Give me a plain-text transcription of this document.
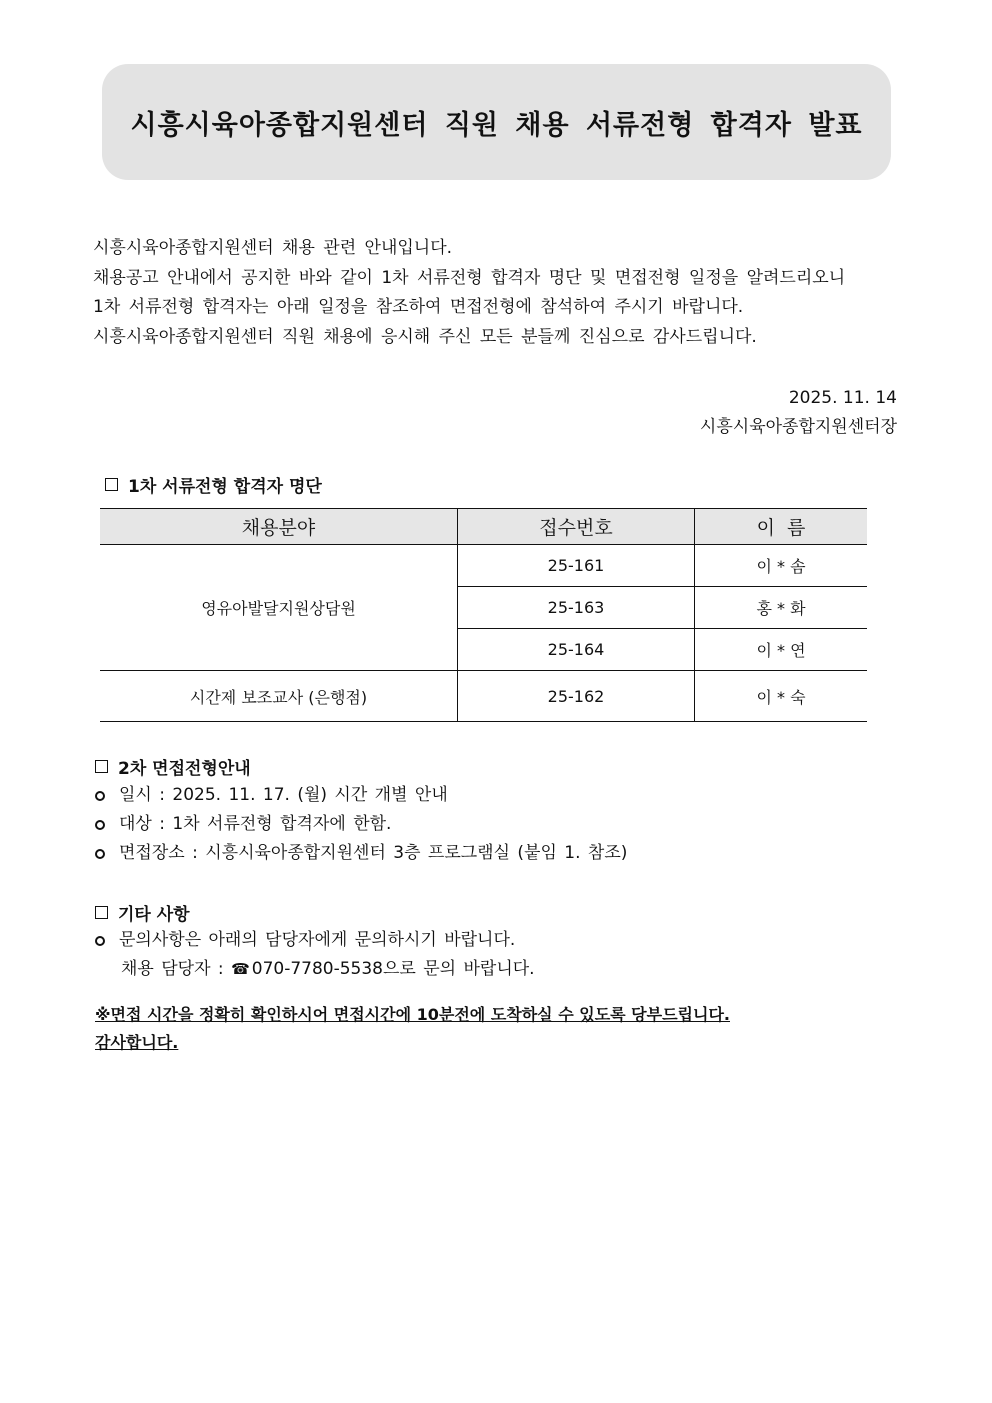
시흥시육아종합지원센터 직원 채용 서류전형 합격자 발표
시흥시육아종합지원센터 채용 관련 안내입니다.
채용공고 안내에서 공지한 바와 같이 1차 서류전형 합격자 명단 및 면접전형 일정을 알려드리오니
1차 서류전형 합격자는 아래 일정을 참조하여 면접전형에 참석하여 주시기 바랍니다.
시흥시육아종합지원센터 직원 채용에 응시해 주신 모든 분들께 진심으로 감사드립니다.
2025. 11. 14
시흥시육아종합지원센터장
1차 서류전형 합격자 명단
채용분야	접수번호	이  름
영유아발달지원상담원	25-161	이 * 솜
	25-163	홍 * 화
	25-164	이 * 연
시간제 보조교사 (은행점)	25-162	이 * 숙
2차 면접전형안내
일시 : 2025. 11. 17. (월) 시간 개별 안내
대상 : 1차 서류전형 합격자에 한함.
면접장소 : 시흥시육아종합지원센터 3층 프로그램실 (붙임 1. 참조)
기타 사항
문의사항은 아래의 담당자에게 문의하시기 바랍니다.
채용 담당자 : ☎ 070-7780-5538으로 문의 바랍니다.
※면접 시간을 정확히 확인하시어 면접시간에 10분전에 도착하실 수 있도록 당부드립니다.
감사합니다.
